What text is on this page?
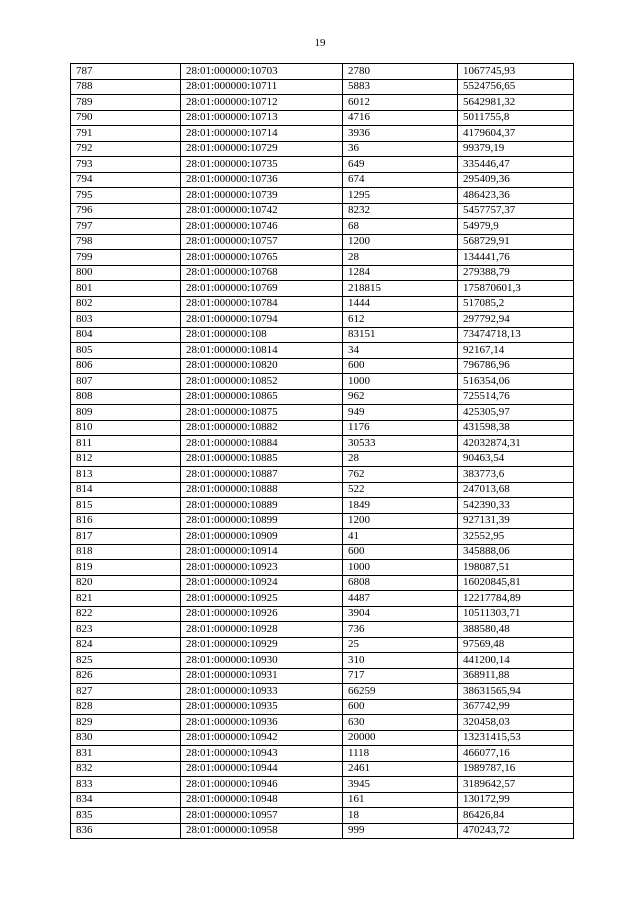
19
787	28:01:000000:10703	2780	1067745,93
788	28:01:000000:10711	5883	5524756,65
789	28:01:000000:10712	6012	5642981,32
790	28:01:000000:10713	4716	5011755,8
791	28:01:000000:10714	3936	4179604,37
792	28:01:000000:10729	36	99379,19
793	28:01:000000:10735	649	335446,47
794	28:01:000000:10736	674	295409,36
795	28:01:000000:10739	1295	486423,36
796	28:01:000000:10742	8232	5457757,37
797	28:01:000000:10746	68	54979,9
798	28:01:000000:10757	1200	568729,91
799	28:01:000000:10765	28	134441,76
800	28:01:000000:10768	1284	279388,79
801	28:01:000000:10769	218815	175870601,3
802	28:01:000000:10784	1444	517085,2
803	28:01:000000:10794	612	297792,94
804	28:01:000000:108	83151	73474718,13
805	28:01:000000:10814	34	92167,14
806	28:01:000000:10820	600	796786,96
807	28:01:000000:10852	1000	516354,06
808	28:01:000000:10865	962	725514,76
809	28:01:000000:10875	949	425305,97
810	28:01:000000:10882	1176	431598,38
811	28:01:000000:10884	30533	42032874,31
812	28:01:000000:10885	28	90463,54
813	28:01:000000:10887	762	383773,6
814	28:01:000000:10888	522	247013,68
815	28:01:000000:10889	1849	542390,33
816	28:01:000000:10899	1200	927131,39
817	28:01:000000:10909	41	32552,95
818	28:01:000000:10914	600	345888,06
819	28:01:000000:10923	1000	198087,51
820	28:01:000000:10924	6808	16020845,81
821	28:01:000000:10925	4487	12217784,89
822	28:01:000000:10926	3904	10511303,71
823	28:01:000000:10928	736	388580,48
824	28:01:000000:10929	25	97569,48
825	28:01:000000:10930	310	441200,14
826	28:01:000000:10931	717	368911,88
827	28:01:000000:10933	66259	38631565,94
828	28:01:000000:10935	600	367742,99
829	28:01:000000:10936	630	320458,03
830	28:01:000000:10942	20000	13231415,53
831	28:01:000000:10943	1118	466077,16
832	28:01:000000:10944	2461	1989787,16
833	28:01:000000:10946	3945	3189642,57
834	28:01:000000:10948	161	130172,99
835	28:01:000000:10957	18	86426,84
836	28:01:000000:10958	999	470243,72
